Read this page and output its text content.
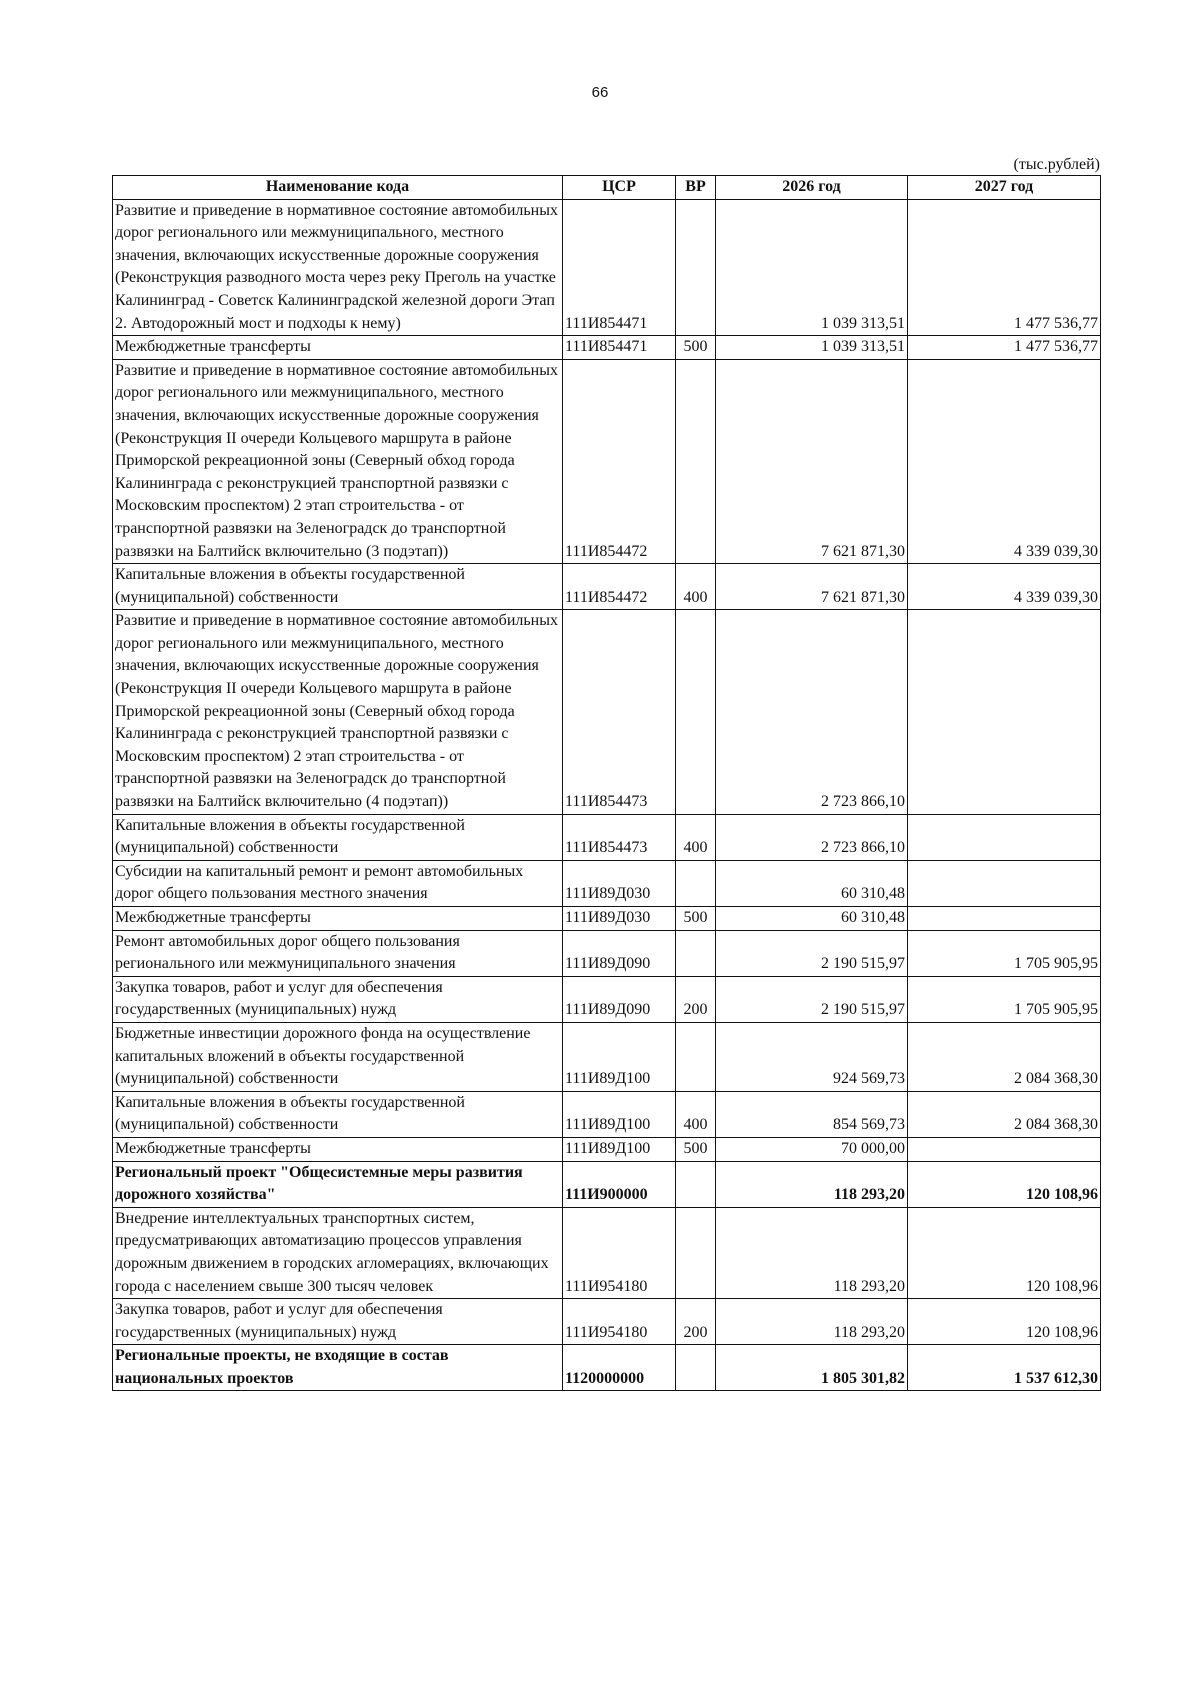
66
(тыс.рублей)
Наименование кода	ЦСР	ВР	2026 год	2027 год
Развитие и приведение в нормативное состояние автомобильных дорог регионального или межмуниципального, местного значения, включающих искусственные дорожные сооружения (Реконструкция разводного моста через реку Преголь на участке Калининград - Советск Калининградской железной дороги Этап 2. Автодорожный мост и подходы к нему)	111И854471		1 039 313,51	1 477 536,77
Межбюджетные трансферты	111И854471	500	1 039 313,51	1 477 536,77
Развитие и приведение в нормативное состояние автомобильных дорог регионального или межмуниципального, местного значения, включающих искусственные дорожные сооружения (Реконструкция II очереди Кольцевого маршрута в районе Приморской рекреационной зоны (Северный обход города Калининграда с реконструкцией транспортной развязки с Московским проспектом) 2 этап строительства - от транспортной развязки на Зеленоградск до транспортной развязки на Балтийск включительно (3 подэтап))	111И854472		7 621 871,30	4 339 039,30
Капитальные вложения в объекты государственной (муниципальной) собственности	111И854472	400	7 621 871,30	4 339 039,30
Развитие и приведение в нормативное состояние автомобильных дорог регионального или межмуниципального, местного значения, включающих искусственные дорожные сооружения (Реконструкция II очереди Кольцевого маршрута в районе Приморской рекреационной зоны (Северный обход города Калининграда с реконструкцией транспортной развязки с Московским проспектом) 2 этап строительства - от транспортной развязки на Зеленоградск до транспортной развязки на Балтийск включительно (4 подэтап))	111И854473		2 723 866,10	
Капитальные вложения в объекты государственной (муниципальной) собственности	111И854473	400	2 723 866,10	
Субсидии на капитальный ремонт и ремонт автомобильных дорог общего пользования местного значения	111И89Д030		60 310,48	
Межбюджетные трансферты	111И89Д030	500	60 310,48	
Ремонт автомобильных дорог общего пользования регионального или межмуниципального значения	111И89Д090		2 190 515,97	1 705 905,95
Закупка товаров, работ и услуг для обеспечения государственных (муниципальных) нужд	111И89Д090	200	2 190 515,97	1 705 905,95
Бюджетные инвестиции дорожного фонда на осуществление капитальных вложений в объекты государственной (муниципальной) собственности	111И89Д100		924 569,73	2 084 368,30
Капитальные вложения в объекты государственной (муниципальной) собственности	111И89Д100	400	854 569,73	2 084 368,30
Межбюджетные трансферты	111И89Д100	500	70 000,00	
Региональный проект "Общесистемные меры развития дорожного хозяйства"	111И900000		118 293,20	120 108,96
Внедрение интеллектуальных транспортных систем, предусматривающих автоматизацию процессов управления дорожным движением в городских агломерациях, включающих города с населением свыше 300 тысяч человек	111И954180		118 293,20	120 108,96
Закупка товаров, работ и услуг для обеспечения государственных (муниципальных) нужд	111И954180	200	118 293,20	120 108,96
Региональные проекты, не входящие в состав национальных проектов	1120000000		1 805 301,82	1 537 612,30
